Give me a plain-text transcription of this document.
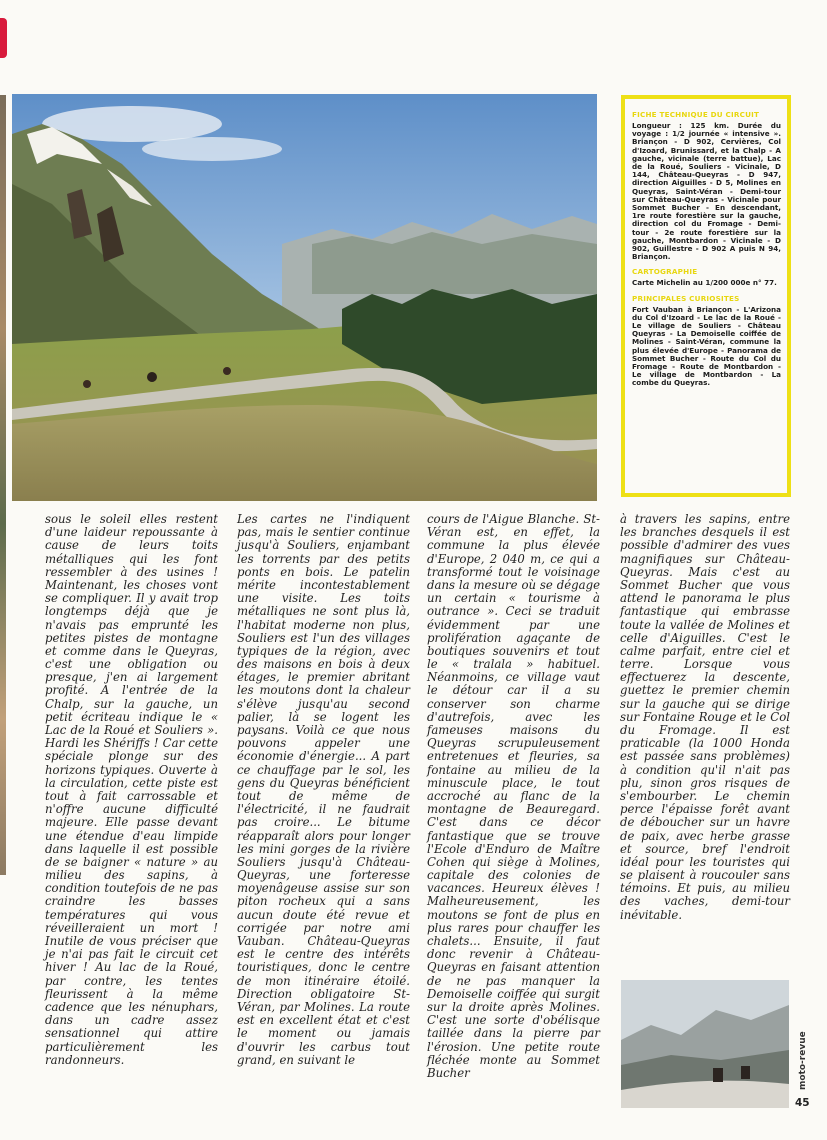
FICHE TECHNIQUE DU CIRCUIT

Longueur : 125 km. Durée du voyage : 1/2 journée « intensive ». Briançon - D 902, Cervières, Col d'Izoard, Brunissard, et la Chalp - A gauche, vicinale (terre battue), Lac de la Roué, Souliers - Vicinale, D 144, Château-Queyras - D 947, direction Aiguilles - D 5, Molines en Queyras, Saint-Véran - Demi-tour sur Château-Queyras - Vicinale pour Sommet Bucher - En descendant, 1re route forestière sur la gauche, direction col du Fromage - Demi-tour - 2e route forestière sur la gauche, Montbardon - Vicinale - D 902, Guillestre - D 902 A puis N 94, Briançon.

CARTOGRAPHIE

Carte Michelin au 1/200 000e n° 77.

PRINCIPALES CURIOSITES

Fort Vauban à Briançon - L'Arizona du Col d'Izoard - Le lac de la Roué - Le village de Souliers - Château Queyras - La Demoiselle coiffée de Molines - Saint-Véran, commune la plus élevée d'Europe - Panorama de Sommet Bucher - Route du Col du Fromage - Route de Montbardon - Le village de Montbardon - La combe du Queyras.

sous le soleil elles restent d'une laideur repoussante à cause de leurs toits métalliques qui les font ressembler à des usines ! Maintenant, les choses vont se compliquer. Il y avait trop longtemps déjà que je n'avais pas emprunté les petites pistes de montagne et comme dans le Queyras, c'est une obligation ou presque, j'en ai largement profité. A l'entrée de la Chalp, sur la gauche, un petit écriteau indique le « Lac de la Roué et Souliers ». Hardi les Shériffs ! Car cette spéciale plonge sur des horizons typiques. Ouverte à la circulation, cette piste est tout à fait carrossable et n'offre aucune difficulté majeure. Elle passe devant une étendue d'eau limpide dans laquelle il est possible de se baigner « nature » au milieu des sapins, à condition toutefois de ne pas craindre les basses températures qui vous réveilleraient un mort ! Inutile de vous préciser que je n'ai pas fait le circuit cet hiver ! Au lac de la Roué, par contre, les tentes fleurissent à la même cadence que les nénuphars, dans un cadre assez sensationnel qui attire particulièrement les randonneurs.

Les cartes ne l'indiquent pas, mais le sentier continue jusqu'à Souliers, enjambant les torrents par des petits ponts en bois. Le patelin mérite incontestablement une visite. Les toits métalliques ne sont plus là, l'habitat moderne non plus, Souliers est l'un des villages typiques de la région, avec des maisons en bois à deux étages, le premier abritant les moutons dont la chaleur s'élève jusqu'au second palier, là se logent les paysans. Voilà ce que nous pouvons appeler une économie d'énergie... A part ce chauffage par le sol, les gens du Queyras bénéficient tout de même de l'électricité, il ne faudrait pas croire... Le bitume réapparaît alors pour longer les mini gorges de la rivière Souliers jusqu'à Château-Queyras, une forteresse moyenâgeuse assise sur son piton rocheux qui a sans aucun doute été revue et corrigée par notre ami Vauban. Château-Queyras est le centre des intérêts touristiques, donc le centre de mon itinéraire étoilé. Direction obligatoire St-Véran, par Molines. La route est en excellent état et c'est le moment ou jamais d'ouvrir les carbus tout grand, en suivant le

cours de l'Aigue Blanche. St-Véran est, en effet, la commune la plus élevée d'Europe, 2 040 m, ce qui a transformé tout le voisinage dans la mesure où se dégage un certain « tourisme à outrance ». Ceci se traduit évidemment par une prolifération agaçante de boutiques souvenirs et tout le « tralala » habituel. Néanmoins, ce village vaut le détour car il a su conserver son charme d'autrefois, avec les fameuses maisons du Queyras scrupuleusement entretenues et fleuries, sa fontaine au milieu de la minuscule place, le tout accroché au flanc de la montagne de Beauregard. C'est dans ce décor fantastique que se trouve l'Ecole d'Enduro de Maître Cohen qui siège à Molines, capitale des colonies de vacances. Heureux élèves ! Malheureusement, les moutons se font de plus en plus rares pour chauffer les chalets... Ensuite, il faut donc revenir à Château-Queyras en faisant attention de ne pas manquer la Demoiselle coiffée qui surgit sur la droite après Molines. C'est une sorte d'obélisque taillée dans la pierre par l'érosion. Une petite route fléchée monte au Sommet Bucher

à travers les sapins, entre les branches desquels il est possible d'admirer des vues magnifiques sur Château-Queyras. Mais c'est au Sommet Bucher que vous attend le panorama le plus fantastique qui embrasse toute la vallée de Molines et celle d'Aiguilles. C'est le calme parfait, entre ciel et terre. Lorsque vous effectuerez la descente, guettez le premier chemin sur la gauche qui se dirige sur Fontaine Rouge et le Col du Fromage. Il est praticable (la 1000 Honda est passée sans problèmes) à condition qu'il n'ait pas plu, sinon gros risques de s'embourber. Le chemin perce l'épaisse forêt avant de déboucher sur un havre de paix, avec herbe grasse et source, bref l'endroit idéal pour les touristes qui se plaisent à roucouler sans témoins. Et puis, au milieu des vaches, demi-tour inévitable.

moto-revue
45
